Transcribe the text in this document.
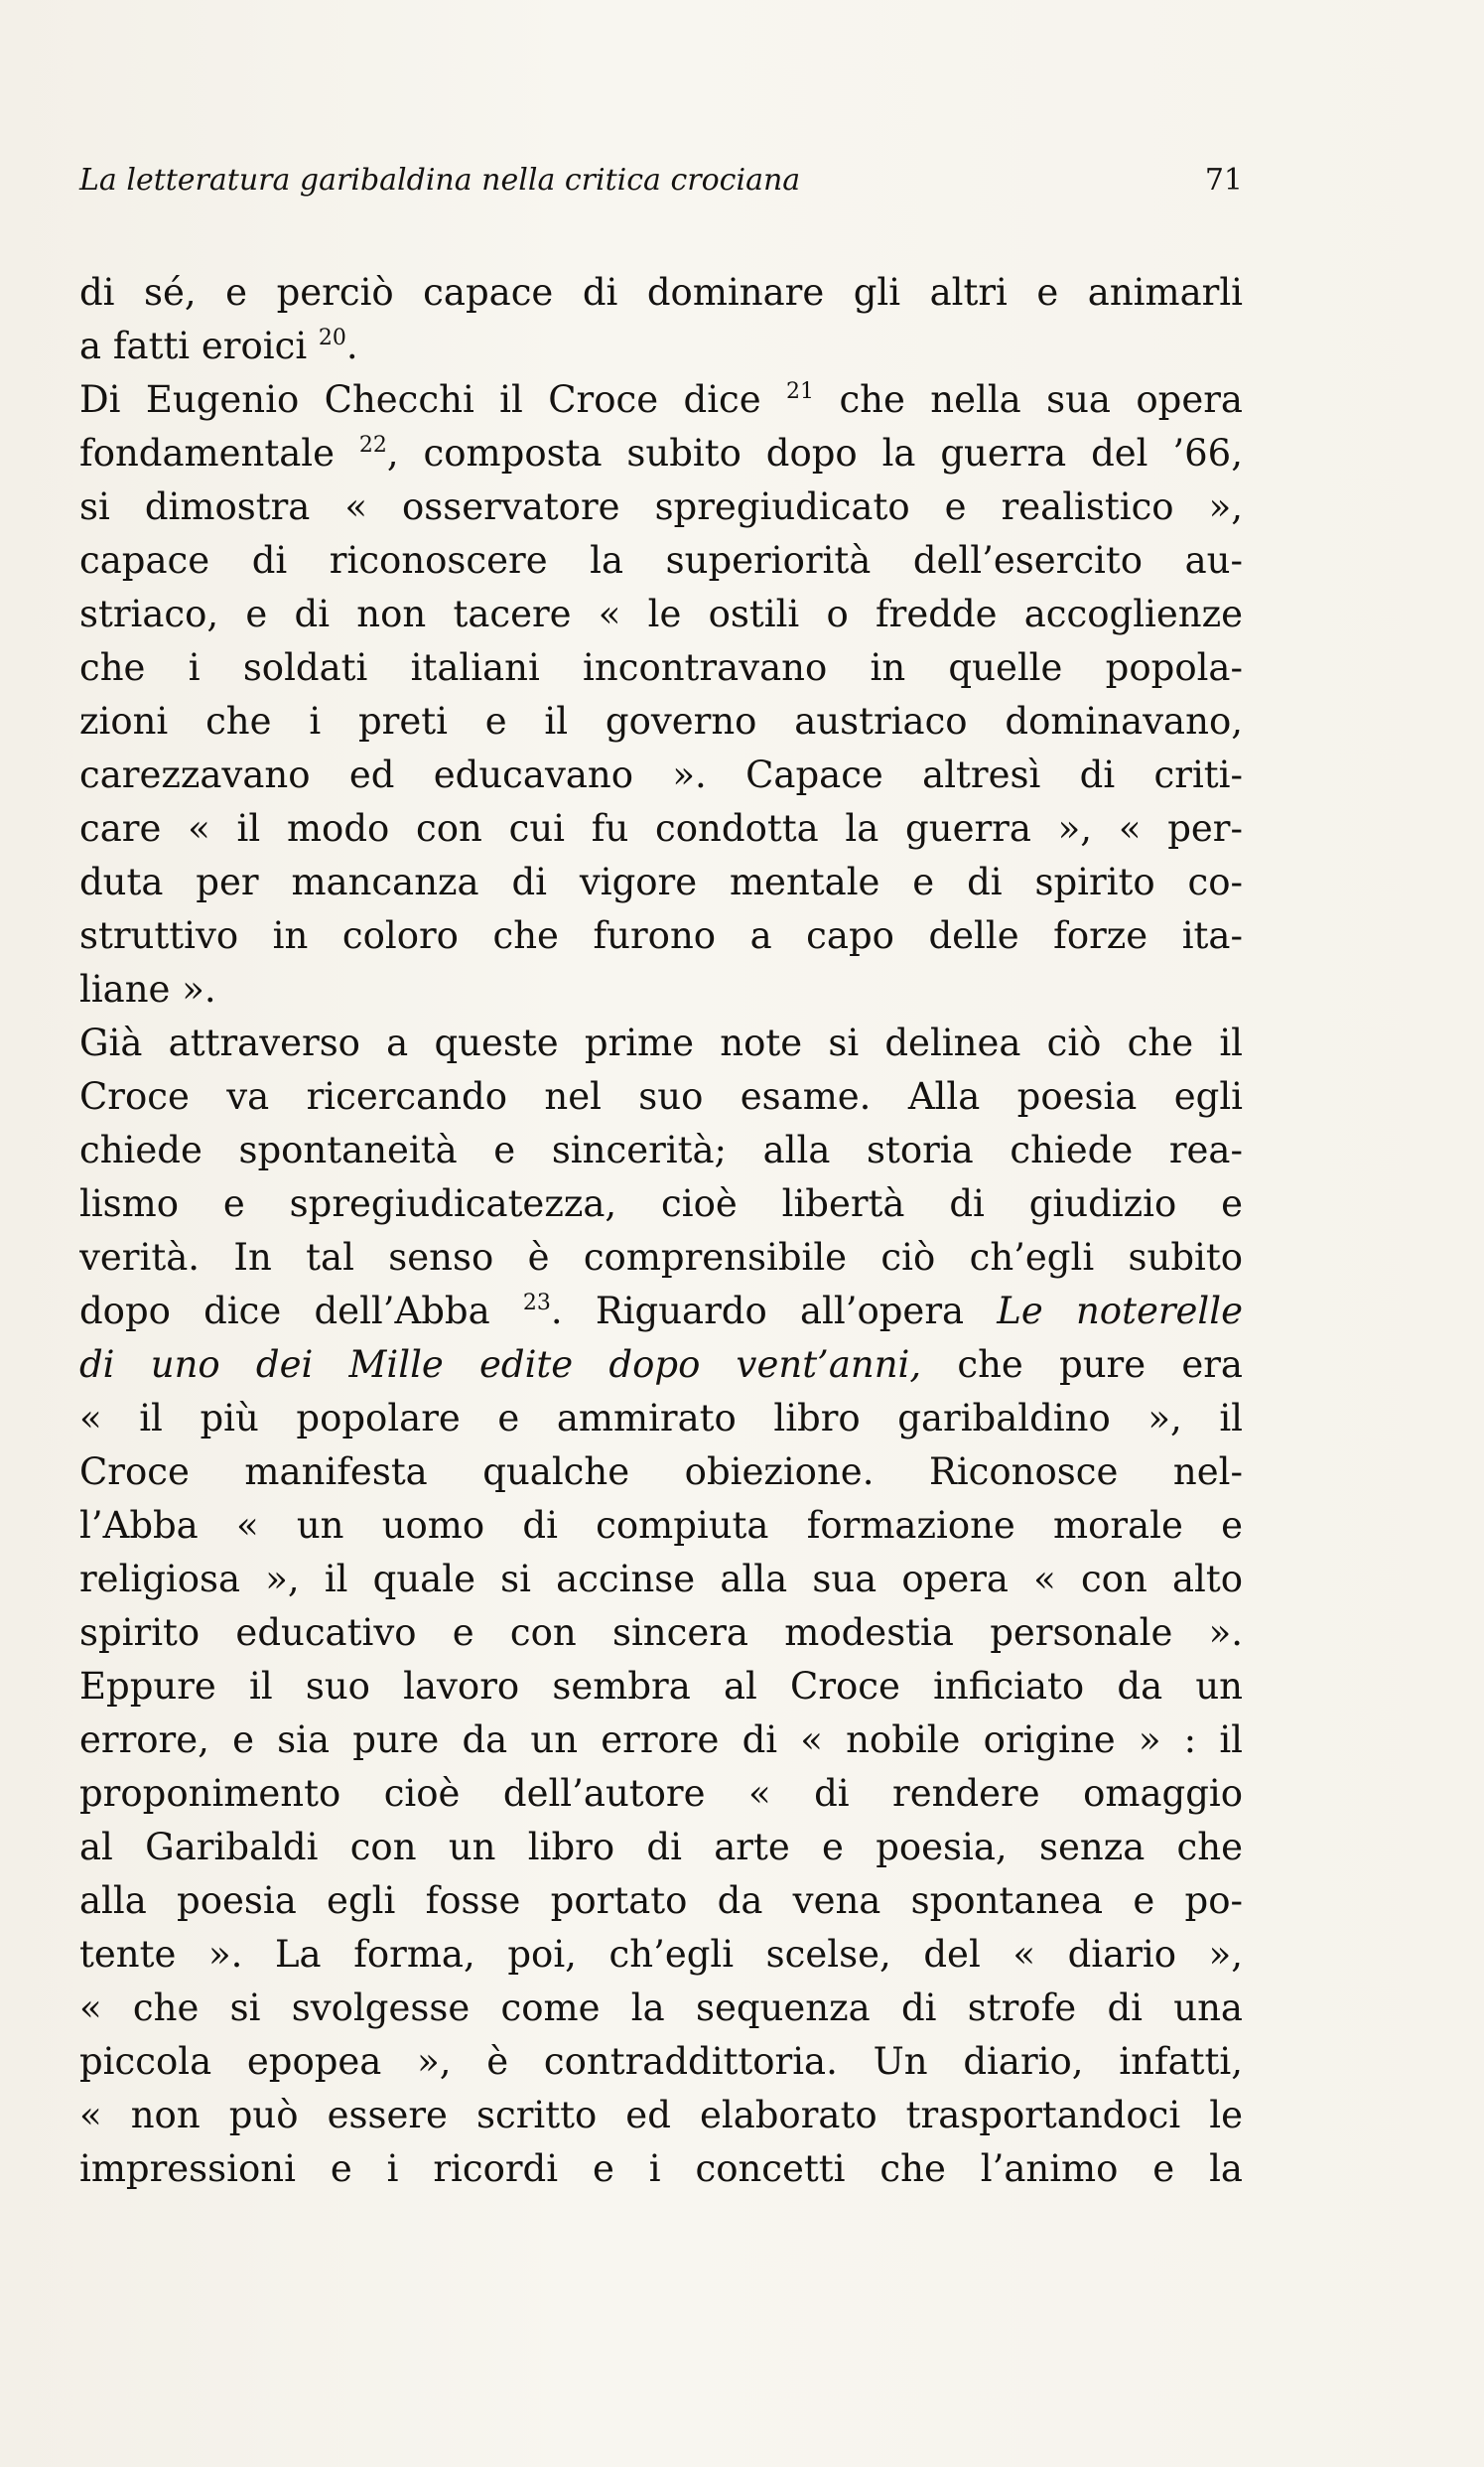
La letteratura garibaldina nella critica crociana	71
di sé, e perciò capace di dominare gli altri e animarli
a fatti eroici $^{20}$.
Di Eugenio Checchi il Croce dice $^{21}$ che nella sua opera
fondamentale $^{22}$, composta subito dopo la guerra del ’66,
si dimostra « osservatore spregiudicato e realistico »,
capace di riconoscere la superiorità dell’esercito au-
striaco, e di non tacere « le ostili o fredde accoglienze
che i soldati italiani incontravano in quelle popola-
zioni che i preti e il governo austriaco dominavano,
carezzavano ed educavano ». Capace altresì di criti-
care « il modo con cui fu condotta la guerra », « per-
duta per mancanza di vigore mentale e di spirito co-
struttivo in coloro che furono a capo delle forze ita-
liane ».
Già attraverso a queste prime note si delinea ciò che il
Croce va ricercando nel suo esame. Alla poesia egli
chiede spontaneità e sincerità; alla storia chiede rea-
lismo e spregiudicatezza, cioè libertà di giudizio e
verità. In tal senso è comprensibile ciò ch’egli subito
dopo dice dell’Abba $^{23}$. Riguardo all’opera Le noterelle
di uno dei Mille edite dopo vent’anni, che pure era
« il più popolare e ammirato libro garibaldino », il
Croce manifesta qualche obiezione. Riconosce nel-
l’Abba « un uomo di compiuta formazione morale e
religiosa », il quale si accinse alla sua opera « con alto
spirito educativo e con sincera modestia personale ».
Eppure il suo lavoro sembra al Croce inficiato da un
errore, e sia pure da un errore di « nobile origine » : il
proponimento cioè dell’autore « di rendere omaggio
al Garibaldi con un libro di arte e poesia, senza che
alla poesia egli fosse portato da vena spontanea e po-
tente ». La forma, poi, ch’egli scelse, del « diario »,
« che si svolgesse come la sequenza di strofe di una
piccola epopea », è contraddittoria. Un diario, infatti,
« non può essere scritto ed elaborato trasportandoci le
impressioni e i ricordi e i concetti che l’animo e la
